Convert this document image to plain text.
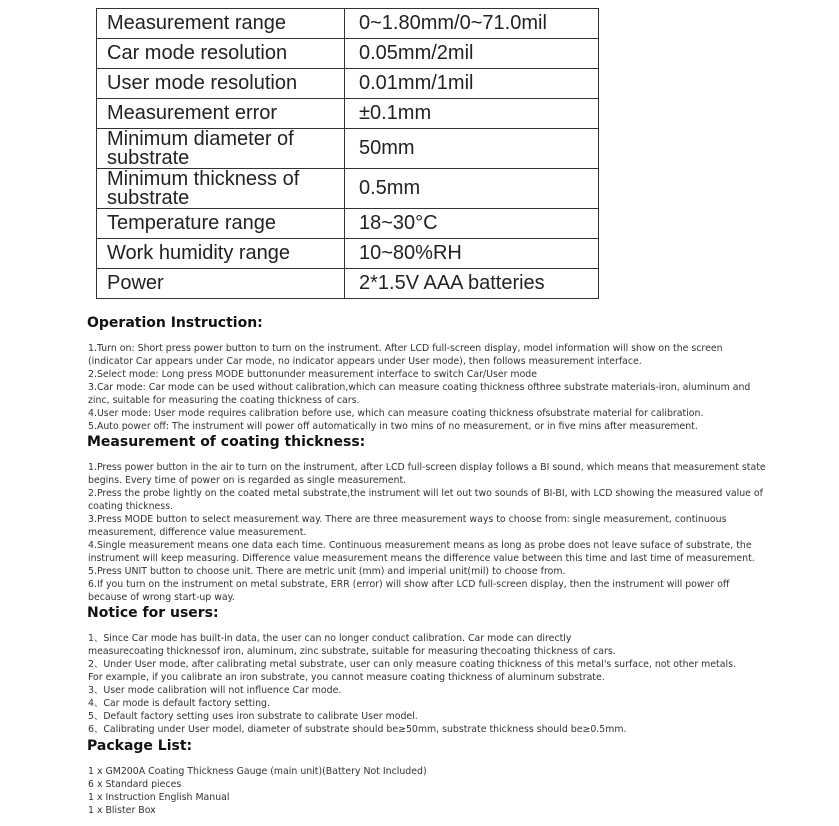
Measurement range	0~1.80mm/0~71.0mil
Car mode resolution	0.05mm/2mil
User mode resolution	0.01mm/1mil
Measurement error	±0.1mm
Minimum diameter of substrate	50mm
Minimum thickness of substrate	0.5mm
Temperature range	18~30°C
Work humidity range	10~80%RH
Power	2*1.5V AAA batteries
Operation Instruction:
1.Turn on: Short press power button to turn on the instrument. After LCD full-screen display, model information will show on the screen (indicator Car appears under Car mode, no indicator appears under User mode), then follows measurement interface.
2.Select mode: Long press MODE buttonunder measurement interface to switch Car/User mode
3.Car mode: Car mode can be used without calibration,which can measure coating thickness ofthree substrate materials-iron, aluminum and zinc, suitable for measuring the coating thickness of cars.
4.User mode: User mode requires calibration before use, which can measure coating thickness ofsubstrate material for calibration.
5.Auto power off: The instrument will power off automatically in two mins of no measurement, or in five mins after measurement.
Measurement of coating thickness:
1.Press power button in the air to turn on the instrument, after LCD full-screen display follows a BI sound, which means that measurement state begins. Every time of power on is regarded as single measurement.
2.Press the probe lightly on the coated metal substrate,the instrument will let out two sounds of BI-BI, with LCD showing the measured value of coating thickness.
3.Press MODE button to select measurement way. There are three measurement ways to choose from: single measurement, continuous measurement, difference value measurement.
4.Single measurement means one data each time. Continuous measurement means as long as probe does not leave suface of substrate, the instrument will keep measuring. Difference value measurement means the difference value between this time and last time of measurement.
5.Press UNIT button to choose unit. There are metric unit (mm) and imperial unit(mil) to choose from.
6.If you turn on the instrument on metal substrate, ERR (error) will show after LCD full-screen display, then the instrument will power off because of wrong start-up way.
Notice for users:
1、Since Car mode has built-in data, the user can no longer conduct calibration. Car mode can directly
measurecoating thicknessof iron, aluminum, zinc substrate, suitable for measuring thecoating thickness of cars.
2、Under User mode, after calibrating metal substrate, user can only measure coating thickness of this metal's surface, not other metals.
For example, if you calibrate an iron substrate, you cannot measure coating thickness of aluminum substrate.
3、User mode calibration will not influence Car mode.
4、Car mode is default factory setting.
5、Default factory setting uses iron substrate to calibrate User model.
6、Calibrating under User model, diameter of substrate should be≥50mm, substrate thickness should be≥0.5mm.
Package List:
1 x GM200A Coating Thickness Gauge (main unit)(Battery Not Included)
6 x Standard pieces
1 x Instruction English Manual
1 x Blister Box
